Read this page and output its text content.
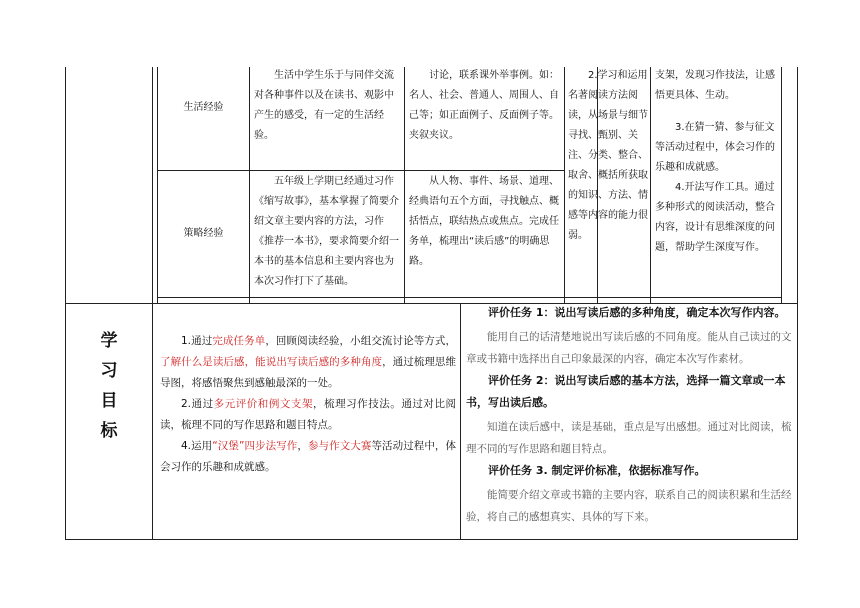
生活经验
生活中学生乐于与同伴交流对各种事件以及在读书、观影中产生的感受，有一定的生活经验。
讨论，联系课外举事例。如：名人、社会、普通人、周围人、自己等；如正面例子、反面例子等。夹叙夹议。
策略经验
五年级上学期已经通过习作《缩写故事》，基本掌握了简要介绍文章主要内容的方法，习作《推荐一本书》，要求简要介绍一本书的基本信息和主要内容也为本次习作打下了基础。
从人物、事件、场景、道理、经典语句五个方面，寻找触点、概括悟点，联结热点或焦点。完成任务单，梳理出“读后感”的明确思路。
2.学习和运用名著阅读方法阅读，从场景与细节寻找、甄别、关注、分类、整合、取舍、概括所获取的知识、方法、情感等内容的能力很弱。
支架，发现习作技法，让感悟更具体、生动。
3.在猜一猜、参与征文等活动过程中，体会习作的乐趣和成就感。
4.开法写作工具。通过多种形式的阅读活动，整合内容，设计有思维深度的问题，帮助学生深度写作。
学
习
目
标
1.通过完成任务单，回顾阅读经验，小组交流讨论等方式，了解什么是读后感，能说出写读后感的多种角度，通过梳理思维导图，将感悟聚焦到感触最深的一处。
2.通过多元评价和例文支架，梳理习作技法。通过对比阅读，梳理不同的写作思路和题目特点。
4.运用“汉堡”四步法写作，参与作文大赛等活动过程中，体会习作的乐趣和成就感。
评价任务 1：说出写读后感的多种角度，确定本次写作内容。
能用自己的话清楚地说出写读后感的不同角度。能从自己读过的文章或书籍中选择出自己印象最深的内容，确定本次写作素材。
评价任务 2：说出写读后感的基本方法，选择一篇文章或一本书，写出读后感。
知道在读后感中，读是基础，重点是写出感想。通过对比阅读，梳理不同的写作思路和题目特点。
评价任务 3. 制定评价标准，依据标准写作。
能简要介绍文章或书籍的主要内容，联系自己的阅读积累和生活经验，将自己的感想真实、具体的写下来。
